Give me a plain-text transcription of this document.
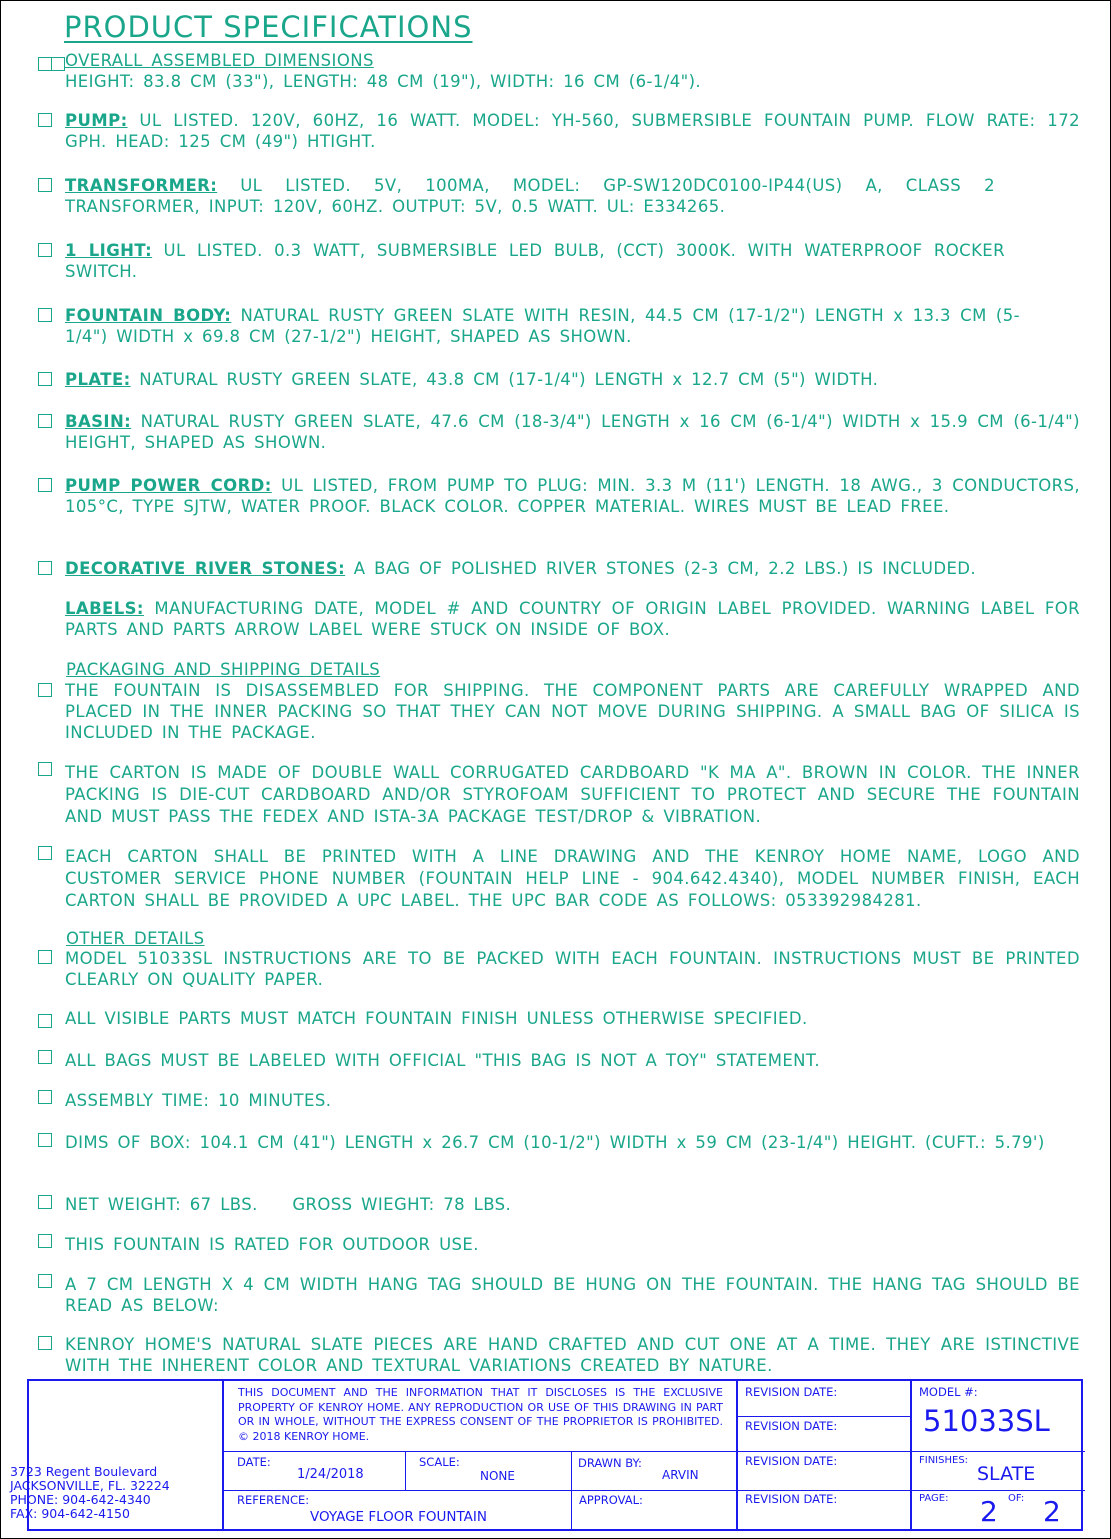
PRODUCT SPECIFICATIONS
OVERALL ASSEMBLED DIMENSIONS
HEIGHT: 83.8 CM (33"), LENGTH: 48 CM (19"), WIDTH: 16 CM (6-1/4").
PUMP: UL LISTED. 120V, 60HZ, 16 WATT. MODEL: YH-560, SUBMERSIBLE FOUNTAIN PUMP. FLOW RATE: 172 GPH. HEAD: 125 CM (49") HTIGHT.
TRANSFORMER: UL LISTED. 5V, 100MA, MODEL: GP-SW120DC0100-IP44(US) A, CLASS 2 TRANSFORMER, INPUT: 120V, 60HZ. OUTPUT: 5V, 0.5 WATT. UL: E334265.
1 LIGHT: UL LISTED. 0.3 WATT, SUBMERSIBLE LED BULB, (CCT) 3000K. WITH WATERPROOF ROCKER SWITCH.
FOUNTAIN BODY: NATURAL RUSTY GREEN SLATE WITH RESIN, 44.5 CM (17-1/2") LENGTH x 13.3 CM (5-1/4") WIDTH x 69.8 CM (27-1/2") HEIGHT, SHAPED AS SHOWN.
PLATE: NATURAL RUSTY GREEN SLATE, 43.8 CM (17-1/4") LENGTH x 12.7 CM (5") WIDTH.
BASIN: NATURAL RUSTY GREEN SLATE, 47.6 CM (18-3/4") LENGTH x 16 CM (6-1/4") WIDTH x 15.9 CM (6-1/4") HEIGHT, SHAPED AS SHOWN.
PUMP POWER CORD: UL LISTED, FROM PUMP TO PLUG: MIN. 3.3 M (11') LENGTH. 18 AWG., 3 CONDUCTORS, 105°C, TYPE SJTW, WATER PROOF. BLACK COLOR. COPPER MATERIAL. WIRES MUST BE LEAD FREE.
DECORATIVE RIVER STONES: A BAG OF POLISHED RIVER STONES (2-3 CM, 2.2 LBS.) IS INCLUDED.
LABELS: MANUFACTURING DATE, MODEL # AND COUNTRY OF ORIGIN LABEL PROVIDED. WARNING LABEL FOR PARTS AND PARTS ARROW LABEL WERE STUCK ON INSIDE OF BOX.
PACKAGING AND SHIPPING DETAILS
THE FOUNTAIN IS DISASSEMBLED FOR SHIPPING. THE COMPONENT PARTS ARE CAREFULLY WRAPPED AND PLACED IN THE INNER PACKING SO THAT THEY CAN NOT MOVE DURING SHIPPING. A SMALL BAG OF SILICA IS INCLUDED IN THE PACKAGE.
THE CARTON IS MADE OF DOUBLE WALL CORRUGATED CARDBOARD "K MA A". BROWN IN COLOR. THE INNER PACKING IS DIE-CUT CARDBOARD AND/OR STYROFOAM SUFFICIENT TO PROTECT AND SECURE THE FOUNTAIN AND MUST PASS THE FEDEX AND ISTA-3A PACKAGE TEST/DROP & VIBRATION.
EACH CARTON SHALL BE PRINTED WITH A LINE DRAWING AND THE KENROY HOME NAME, LOGO AND CUSTOMER SERVICE PHONE NUMBER (FOUNTAIN HELP LINE - 904.642.4340), MODEL NUMBER FINISH, EACH CARTON SHALL BE PROVIDED A UPC LABEL. THE UPC BAR CODE AS FOLLOWS: 053392984281.
OTHER DETAILS
MODEL 51033SL INSTRUCTIONS ARE TO BE PACKED WITH EACH FOUNTAIN. INSTRUCTIONS MUST BE PRINTED CLEARLY ON QUALITY PAPER.
ALL VISIBLE PARTS MUST MATCH FOUNTAIN FINISH UNLESS OTHERWISE SPECIFIED.
ALL BAGS MUST BE LABELED WITH OFFICIAL "THIS BAG IS NOT A TOY" STATEMENT.
ASSEMBLY TIME: 10 MINUTES.
DIMS OF BOX: 104.1 CM (41") LENGTH x 26.7 CM (10-1/2") WIDTH x 59 CM (23-1/4") HEIGHT. (CUFT.: 5.79')
NET WEIGHT: 67 LBS.    GROSS WIEGHT: 78 LBS.
THIS FOUNTAIN IS RATED FOR OUTDOOR USE.
A 7 CM LENGTH X 4 CM WIDTH HANG TAG SHOULD BE HUNG ON THE FOUNTAIN. THE HANG TAG SHOULD BE READ AS BELOW:
KENROY HOME'S NATURAL SLATE PIECES ARE HAND CRAFTED AND CUT ONE AT A TIME. THEY ARE ISTINCTIVE WITH THE INHERENT COLOR AND TEXTURAL VARIATIONS CREATED BY NATURE.
3723 Regent Boulevard
JACKSONVILLE, FL. 32224
PHONE: 904-642-4340
FAX: 904-642-4150
THIS DOCUMENT AND THE INFORMATION THAT IT DISCLOSES IS THE EXCLUSIVE PROPERTY OF KENROY HOME. ANY REPRODUCTION OR USE OF THIS DRAWING IN PART OR IN WHOLE, WITHOUT THE EXPRESS CONSENT OF THE PROPRIETOR IS PROHIBITED. © 2018 KENROY HOME.
DATE:
1/24/2018
SCALE:
NONE
DRAWN BY:
ARVIN
REFERENCE:
VOYAGE FLOOR FOUNTAIN
APPROVAL:
REVISION DATE:
REVISION DATE:
REVISION DATE:
REVISION DATE:
MODEL #:
51033SL
FINISHES:
SLATE
PAGE: 2 OF: 2
